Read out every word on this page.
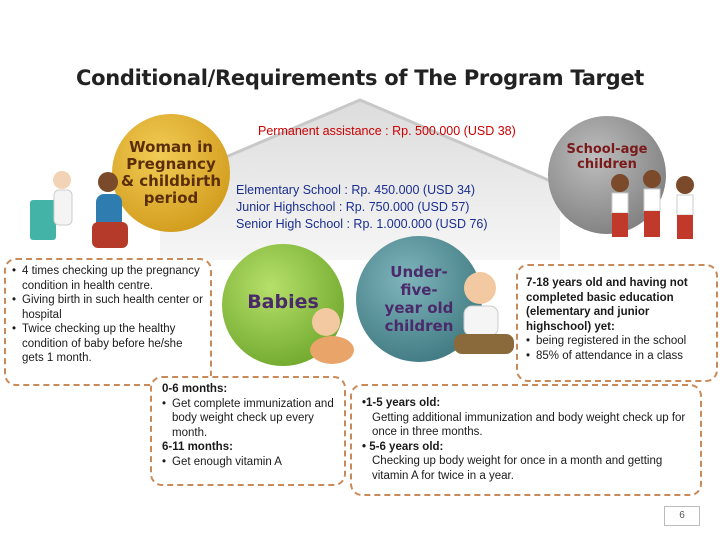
Conditional/Requirements of The Program Target
Permanent assistance : Rp. 500.000 (USD 38)
Elementary School : Rp. 450.000 (USD 34)
Junior Highschool : Rp. 750.000 (USD 57)
Senior High School : Rp. 1.000.000 (USD 76)
Woman in
Pregnancy
& childbirth
period
School-age
children
Babies
Under-
five-
year old
children
• 4 times checking up the pregnancy condition in health centre.
• Giving birth in such health center or hospital
• Twice checking up the healthy condition of baby before he/she gets 1 month.
7-18 years old and having not completed basic education (elementary and junior highschool) yet:
• being registered in the school
• 85% of attendance in a class
0-6 months:
• Get complete immunization and body weight check up every month.
6-11 months:
• Get enough vitamin A
•1-5 years old:
Getting additional immunization and body weight check up for once in three months.
• 5-6 years old:
Checking up body weight for once in a month and getting vitamin A for twice in a year.
6
